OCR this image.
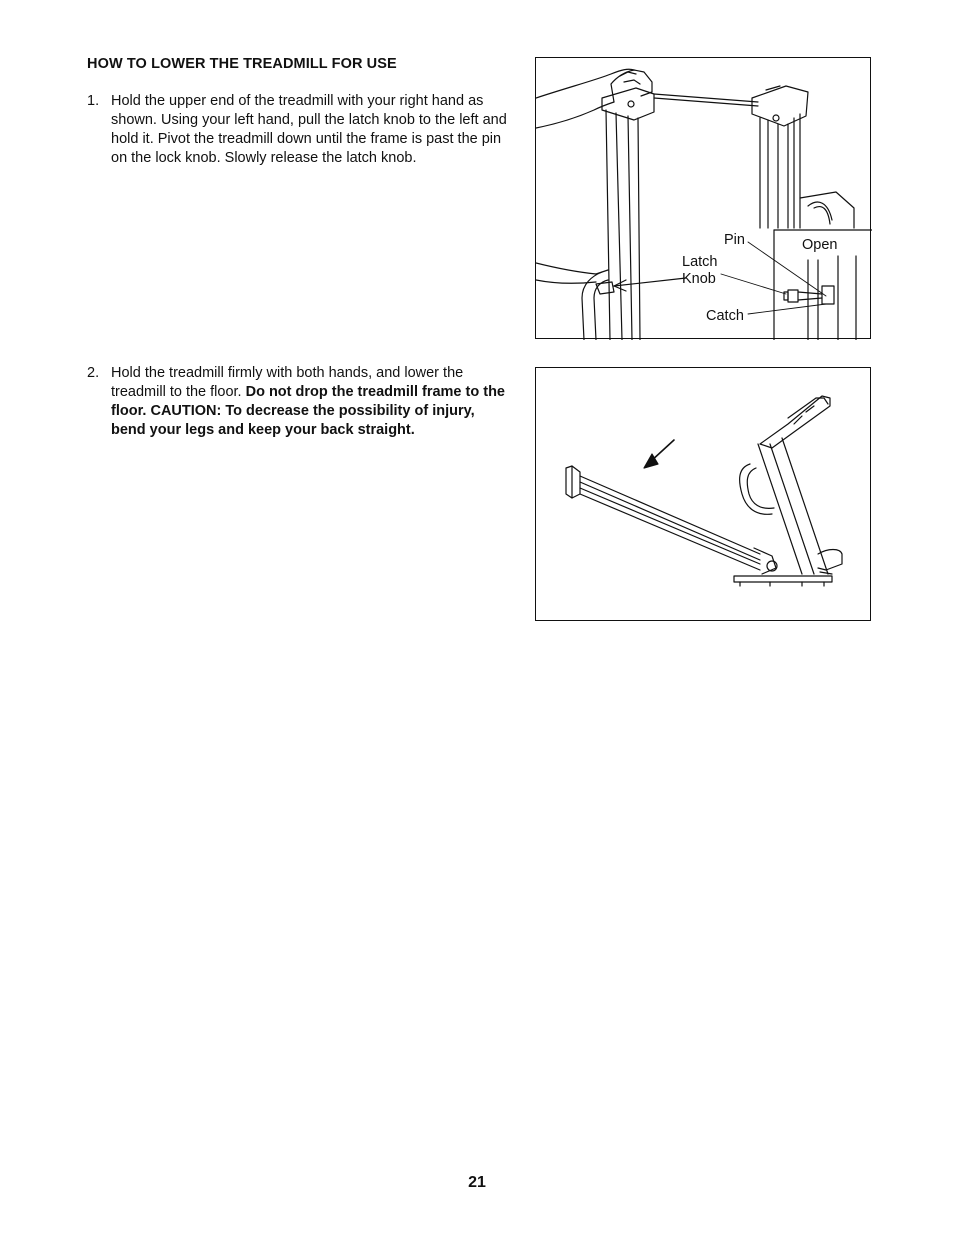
HOW TO LOWER THE TREADMILL FOR USE
1. Hold the upper end of the treadmill with your right hand as shown. Using your left hand, pull the latch knob to the left and hold it. Pivot the treadmill down until the frame is past the pin on the lock knob. Slowly release the latch knob.
2. Hold the treadmill firmly with both hands, and lower the treadmill to the floor. Do not drop the treadmill frame to the floor. CAUTION: To decrease the possibility of injury, bend your legs and keep your back straight.
Pin
Latch
Knob
Catch
Open
21
